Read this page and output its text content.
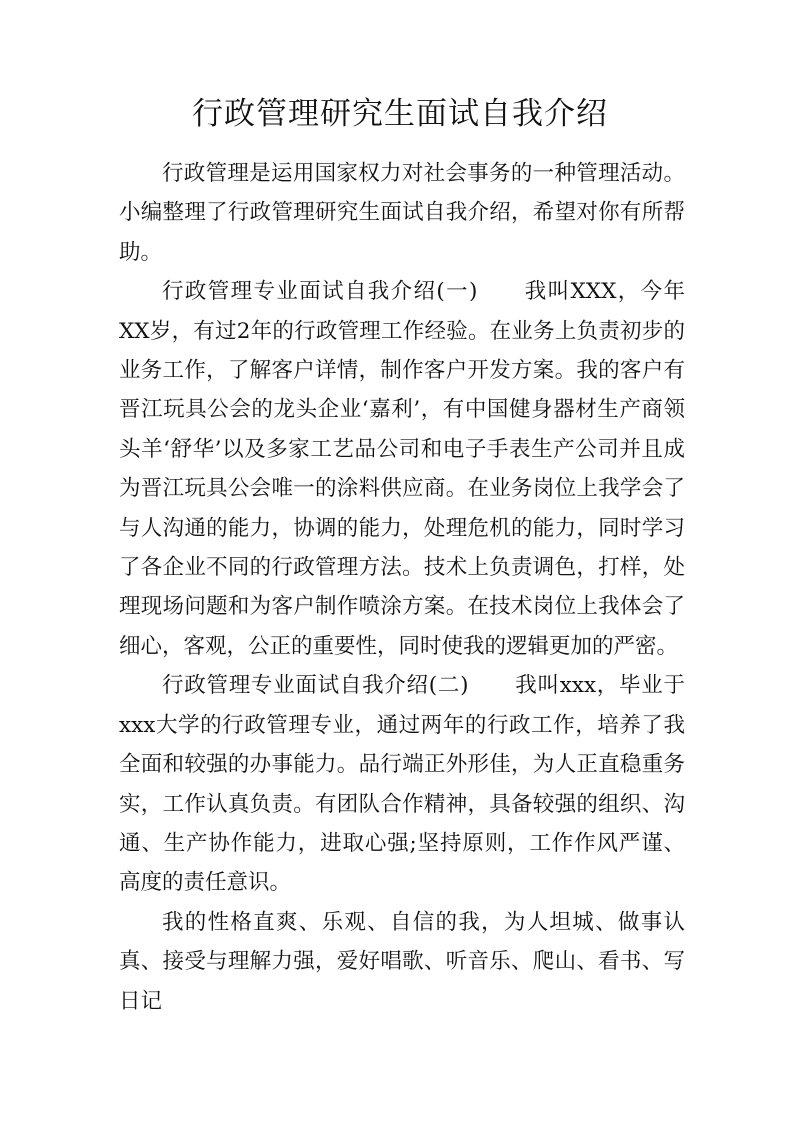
行政管理研究生面试自我介绍

行政管理是运用国家权力对社会事务的一种管理活动。小编整理了行政管理研究生面试自我介绍，希望对你有所帮助。

行政管理专业面试自我介绍(一) 我叫XXX，今年XX岁，有过2年的行政管理工作经验。在业务上负责初步的业务工作，了解客户详情，制作客户开发方案。我的客户有晋江玩具公会的龙头企业‘嘉利’，有中国健身器材生产商领头羊‘舒华’以及多家工艺品公司和电子手表生产公司并且成为晋江玩具公会唯一的涂料供应商。在业务岗位上我学会了与人沟通的能力，协调的能力，处理危机的能力，同时学习了各企业不同的行政管理方法。技术上负责调色，打样，处理现场问题和为客户制作喷涂方案。在技术岗位上我体会了细心，客观，公正的重要性，同时使我的逻辑更加的严密。

行政管理专业面试自我介绍(二) 我叫xxx，毕业于xxx大学的行政管理专业，通过两年的行政工作，培养了我全面和较强的办事能力。品行端正外形佳，为人正直稳重务实，工作认真负责。有团队合作精神，具备较强的组织、沟通、生产协作能力，进取心强;坚持原则，工作作风严谨、高度的责任意识。

我的性格直爽、乐观、自信的我，为人坦城、做事认真、接受与理解力强，爱好唱歌、听音乐、爬山、看书、写日记
